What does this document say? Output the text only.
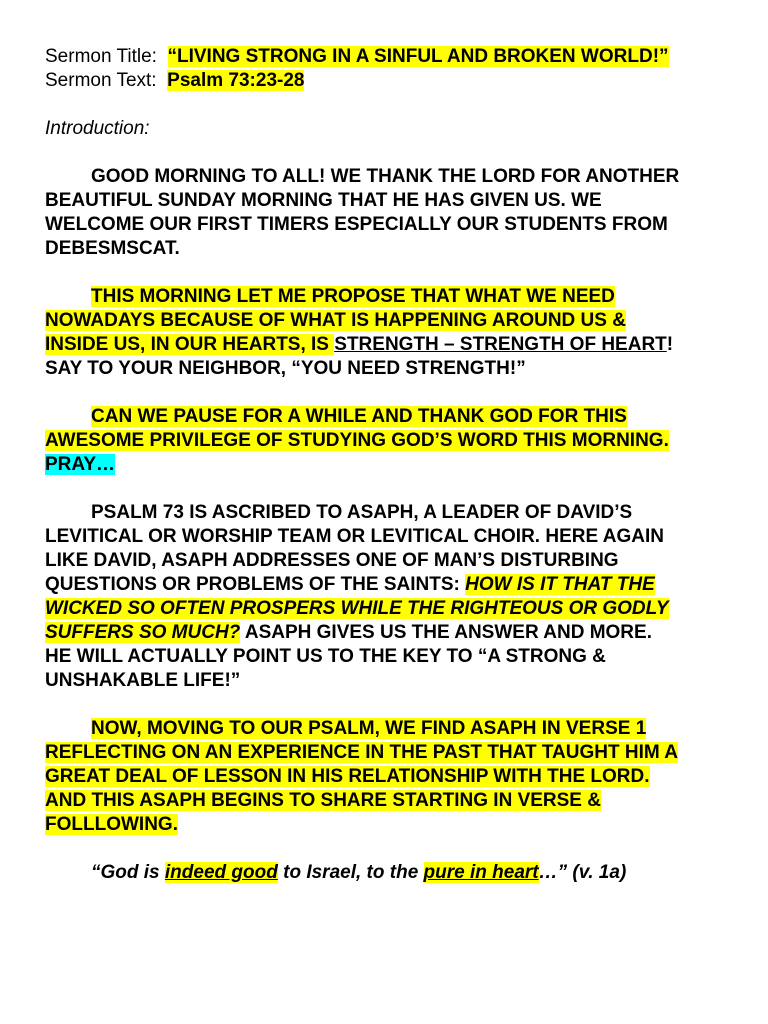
Sermon Title: “LIVING STRONG IN A SINFUL AND BROKEN WORLD!”
Sermon Text: Psalm 73:23-28
Introduction:
GOOD MORNING TO ALL! WE THANK THE LORD FOR ANOTHER
BEAUTIFUL SUNDAY MORNING THAT HE HAS GIVEN US. WE
WELCOME OUR FIRST TIMERS ESPECIALLY OUR STUDENTS FROM
DEBESMSCAT.
THIS MORNING LET ME PROPOSE THAT WHAT WE NEED
NOWADAYS BECAUSE OF WHAT IS HAPPENING AROUND US &
INSIDE US, IN OUR HEARTS, IS STRENGTH – STRENGTH OF HEART!
SAY TO YOUR NEIGHBOR, “YOU NEED STRENGTH!”
CAN WE PAUSE FOR A WHILE AND THANK GOD FOR THIS
AWESOME PRIVILEGE OF STUDYING GOD’S WORD THIS MORNING.
PRAY…
PSALM 73 IS ASCRIBED TO ASAPH, A LEADER OF DAVID’S
LEVITICAL OR WORSHIP TEAM OR LEVITICAL CHOIR. HERE AGAIN
LIKE DAVID, ASAPH ADDRESSES ONE OF MAN’S DISTURBING
QUESTIONS OR PROBLEMS OF THE SAINTS: HOW IS IT THAT THE
WICKED SO OFTEN PROSPERS WHILE THE RIGHTEOUS OR GODLY
SUFFERS SO MUCH? ASAPH GIVES US THE ANSWER AND MORE.
HE WILL ACTUALLY POINT US TO THE KEY TO “A STRONG &
UNSHAKABLE LIFE!”
NOW, MOVING TO OUR PSALM, WE FIND ASAPH IN VERSE 1
REFLECTING ON AN EXPERIENCE IN THE PAST THAT TAUGHT HIM A
GREAT DEAL OF LESSON IN HIS RELATIONSHIP WITH THE LORD.
AND THIS ASAPH BEGINS TO SHARE STARTING IN VERSE &
FOLLLOWING.
“God is indeed good to Israel, to the pure in heart…” (v. 1a)
